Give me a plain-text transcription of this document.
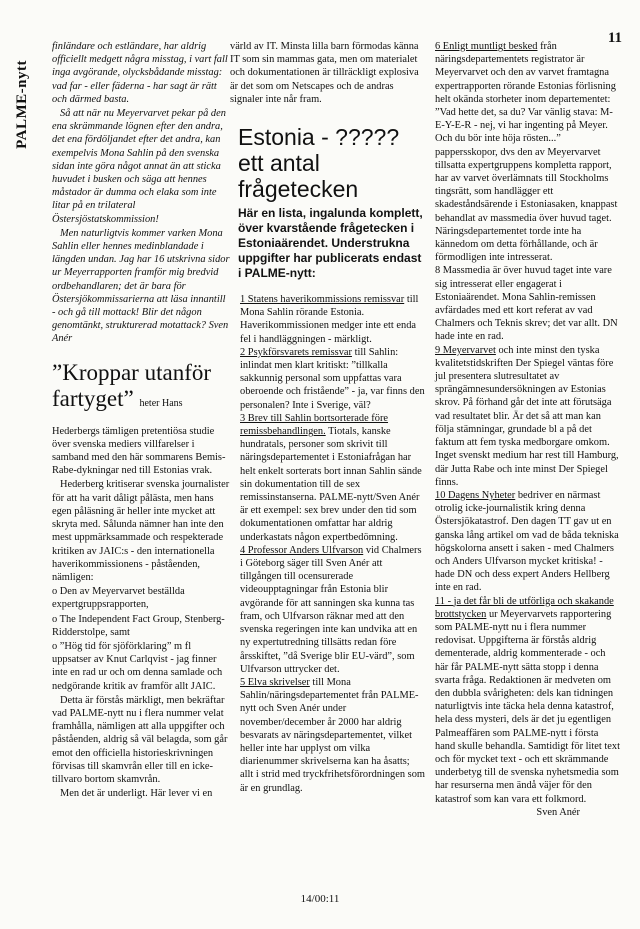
PALME-nytt
11

finländare och estländare, har aldrig officiellt medgett några misstag, i vart fall inga avgörande, olycksbådande misstag: vad far - eller fäderna - har sagt är rätt och därmed basta.

Så att när nu Meyervarvet pekar på den ena skrämmande lögnen efter den andra, det ena fördöljandet efter det andra, kan exempelvis Mona Sahlin på den svenska sidan inte göra något annat än att sticka huvudet i busken och säga att hennes måstador är dumma och elaka som inte litar på en trilateral Östersjöstatskommission!

Men naturligtvis kommer varken Mona Sahlin eller hennes medinblandade i längden undan. Jag har 16 utskrivna sidor ur Meyerrapporten framför mig bredvid ordbehandlaren; det är bara för Östersjökommissarierna att läsa innantill - och gå till mottack! Blir det någon genomtänkt, strukturerad motattack? Sven Anér

”Kroppar utanför fartyget” heter Hans

Hederbergs tämligen pretentiösa studie över svenska mediers villfarelser i samband med den här sommarens Bemis-Rabe-dykningar ned till Estonias vrak.

Hederberg kritiserar svenska journalister för att ha varit dåligt pålästa, men hans egen påläsning är heller inte mycket att skryta med. Sålunda nämner han inte den mest uppmärksammade och respekterade kritiken av JAIC:s - den internationella haverikommissionens - påståenden, nämligen:

o Den av Meyervarvet beställda expertgruppsrapporten,

o The Independent Fact Group, Stenberg-Ridderstolpe, samt

o ”Hög tid för sjöförklaring” m fl uppsatser av Knut Carlqvist - jag finner inte en rad ur och om denna samlade och nedgörande kritik av framför allt JAIC.

Detta är förstås märkligt, men bekräftar vad PALME-nytt nu i flera nummer velat framhålla, nämligen att alla uppgifter och påståenden, aldrig så väl belagda, som går emot den officiella historieskrivningen förvisas till skamvrån eller till en icke-tillvaro bortom skamvrån.

Men det är underligt. Här lever vi en

värld av IT. Minsta lilla barn förmodas känna IT som sin mammas gata, men om materialet och dokumentationen är tillräckligt explosiva är det som om Netscapes och de andras signaler inte når fram.

Estonia - ????? ett antal frågetecken
Här en lista, ingalunda komplett, över kvarstående frågetecken i Estoniaärendet. Understrukna uppgifter har publicerats endast i PALME-nytt:

1 Statens haverikommissions remissvar till Mona Sahlin rörande Estonia. Haverikommissionen medger inte ett enda fel i handläggningen - märkligt.

2 Psykförsvarets remissvar till Sahlin: inlindat men klart kritiskt: ”tillkalla sakkunnig personal som uppfattas vara oberoende och fristående” - ja, var finns den personalen? Inte i Sverige, väl?

3 Brev till Sahlin bortsorterade före remissbehandlingen. Tiotals, kanske hundratals, personer som skrivit till näringsdepartementet i Estoniafrågan har helt enkelt sorterats bort innan Sahlin sände sin dokumentation till de sex remissinstanserna. PALME-nytt/Sven Anér är ett exempel: sex brev under den tid som dokumentationen omfattar har aldrig underkastats någon expertbedömning.

4 Professor Anders Ulfvarson vid Chalmers i Göteborg säger till Sven Anér att tillgången till ocensurerade videoupptagningar från Estonia blir avgörande för att sanningen ska kunna tas fram, och Ulfvarson räknar med att den svenska regeringen inte kan undvika att en ny expertutredning tillsätts redan före årsskiftet, ”då Sverige blir EU-värd”, som Ulfvarson uttrycker det.

5 Elva skrivelser till Mona Sahlin/näringsdepartementet från PALME-nytt och Sven Anér under november/december år 2000 har aldrig besvarats av näringsdepartementet, vilket heller inte har upplyst om vilka diarienummer skrivelserna kan ha åsatts; allt i strid med tryckfrihetsförordningen som är en grundlag.

6 Enligt muntligt besked från näringsdepartementets registrator är Meyervarvet och den av varvet framtagna expertrapporten rörande Estonias förlisning helt okända storheter inom departementet: ”Vad hette det, sa du? Var vänlig stava: M-E-Y-E-R - nej, vi har ingenting på Meyer. Och du bör inte höja rösten...” pappersskopor, dvs den av Meyervarvet tillsatta expertgruppens kompletta rapport, har av varvet överlämnats till Stockholms tingsrätt, som handlägger ett skadeståndsärende i Estoniasaken, knappast behandlat av massmedia över huvud taget. Näringsdepartementet torde inte ha kännedom om detta förhållande, och är förmodligen inte intresserat.

8 Massmedia är över huvud taget inte vare sig intresserat eller engagerat i Estoniaärendet. Mona Sahlin-remissen avfärdades med ett kort referat av vad Chalmers och Teknis skrev; det var allt. DN hade inte en rad.

9 Meyervarvet och inte minst den tyska kvalitetstidskriften Der Spiegel väntas före jul presentera slutresultatet av sprängämnesundersökningen av Estonias skrov. På förhand går det inte att förutsäga vad resultatet blir. Är det så att man kan följa stämningar, grundade bl a på det faktum att fem tyska medborgare omkom. Inget svenskt medium har rest till Hamburg, där Jutta Rabe och inte minst Der Spiegel finns.

10 Dagens Nyheter bedriver en närmast otrolig icke-journalistik kring denna Östersjökatastrof. Den dagen TT gav ut en ganska lång artikel om vad de båda tekniska högskolorna ansett i saken - med Chalmers och Anders Ulfvarson mycket kritiska! - hade DN och dess expert Anders Hellberg inte en rad.

11 - ja det får bli de utförliga och skakande brottstycken ur Meyervarvets rapportering som PALME-nytt nu i flera nummer redovisat. Uppgifterna är förstås aldrig dementerade, aldrig kommenterade - och här får PALME-nytt sätta stopp i denna svarta fråga. Redaktionen är medveten om den dubbla svårigheten: dels kan tidningen naturligtvis inte täcka hela denna katastrof, hela dess mysteri, dels är det ju egentligen Palmeaffären som PALME-nytt i första hand skulle behandla. Samtidigt för litet text och för mycket text - och ett skrämmande underbetyg till de svenska nyhetsmedia som har resurserna men ändå väjer för den katastrof som kan vara ett folkmord.

Sven Anér

14/00:11
